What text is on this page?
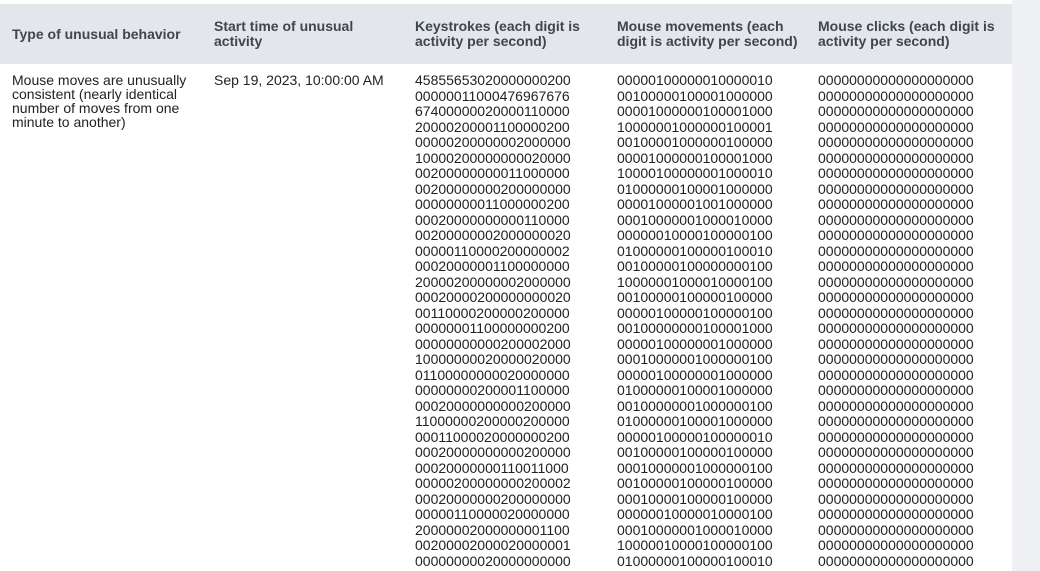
Type of unusual behavior	Start time of unusual activity
Keystrokes (each digit is activity per second)
Mouse movements (each digit is activity per second)
Mouse clicks (each digit is activity per second)
Mouse moves are unusually consistent (nearly identical number of moves from one minute to another)
Sep 19, 2023, 10:00:00 AM	45855653020000000200
00000011000476967676
67400000020000110000
20000200001100000200
00000200000002000000
10000200000000020000
00200000000011000000
00200000000200000000
00000000011000000200
00020000000000110000
00200000002000000020
00000110000200000002
00020000001100000000
20000200000002000000
00020000200000000020
00110000200000200000
00000001100000000200
00000000000200002000
10000000020000020000
01100000000020000000
00000000200001100000
00020000000000200000
11000000200000200000
00011000020000000200
00020000000000200000
00020000000110011000
00000200000000200002
00020000000200000000
00000110000020000000
20000002000000001100
00200002000020000001
00000000020000000000
00000100000010000010
00100000100001000000
00001000000100001000
10000001000000100001
00100001000000100000
00001000000100001000
10000100000001000010
01000000100001000000
00001000001001000000
00010000001000010000
00000010000100000100
01000000100000100010
00100000100000000100
10000001000010000100
00100000100000100000
00000100000100000100
00100000000100001000
00000100000001000000
00010000001000000100
00000100000001000000
01000000100001000000
00100000001000000100
01000000100001000000
00000100000100000010
00100000100000100000
00010000001000000100
00100000100000100000
00010000100000100000
00000010000010000100
00010000001000010000
10000010000100000100
01000000100000100010
00000000000000000000
00000000000000000000
00000000000000000000
00000000000000000000
00000000000000000000
00000000000000000000
00000000000000000000
00000000000000000000
00000000000000000000
00000000000000000000
00000000000000000000
00000000000000000000
00000000000000000000
00000000000000000000
00000000000000000000
00000000000000000000
00000000000000000000
00000000000000000000
00000000000000000000
00000000000000000000
00000000000000000000
00000000000000000000
00000000000000000000
00000000000000000000
00000000000000000000
00000000000000000000
00000000000000000000
00000000000000000000
00000000000000000000
00000000000000000000
00000000000000000000
00000000000000000000
